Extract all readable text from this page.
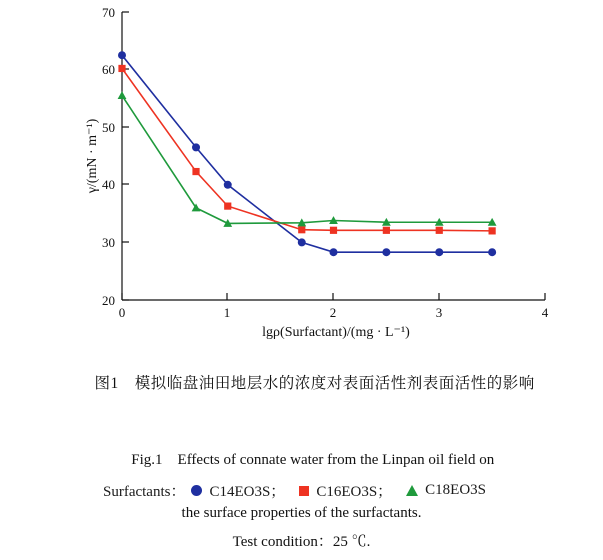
20
30
40
50
60
70
0	1	2	3	4
lgρ(Surfactant)/(mg · L⁻¹)
γ/(mN · m⁻¹)

图1  模拟临盘油田地层水的浓度对表面活性剂表面活性的影响

Fig.1  Effects of connate water from the Linpan oil field on

the surface properties of the surfactants.
Test condition：25 ℃.
Surfactants： C14EO3S； C16EO3S； C18EO3S
